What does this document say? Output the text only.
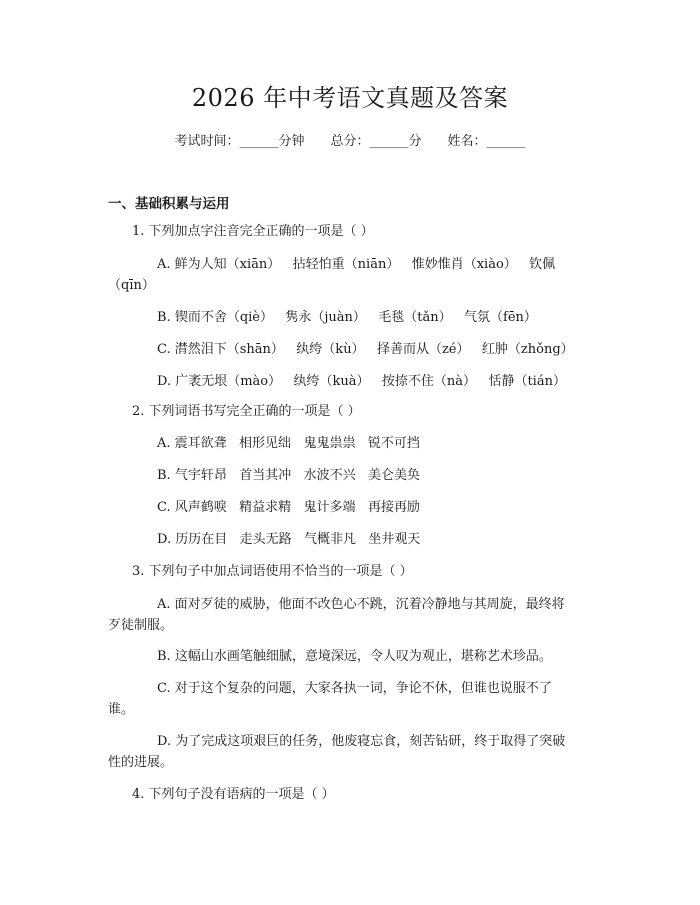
2026 年中考语文真题及答案
考试时间：______分钟 总分：______分 姓名：______
一、基础积累与运用
1. 下列加点字注音完全正确的一项是（ ）
A. 鲜为人知（xiān）   拈轻怕重（niān）   惟妙惟肖（xiào）   钦佩
（qīn）
B. 锲而不舍（qiè）   隽永（juàn）   毛毯（tǎn）   气氛（fēn）
C. 潸然泪下（shān）   纨绔（kù）   择善而从（zé）   红肿（zhǒng）
D. 广袤无垠（mào）   纨绔（kuà）   按捺不住（nà）   恬静（tián）
2. 下列词语书写完全正确的一项是（ ）
A. 震耳欲聋   相形见绌   鬼鬼祟祟   锐不可挡
B. 气宇轩昂   首当其冲   水波不兴   美仑美奂
C. 风声鹤唳   精益求精   鬼计多端   再接再励
D. 历历在目   走头无路   气概非凡   坐井观天
3. 下列句子中加点词语使用不恰当的一项是（ ）
A. 面对歹徒的威胁，他面不改色心不跳，沉着冷静地与其周旋，最终将
歹徒制服。
B. 这幅山水画笔触细腻，意境深远，令人叹为观止，堪称艺术珍品。
C. 对于这个复杂的问题，大家各执一词，争论不休，但谁也说服不了
谁。
D. 为了完成这项艰巨的任务，他废寝忘食，刻苦钻研，终于取得了突破
性的进展。
4. 下列句子没有语病的一项是（ ）
